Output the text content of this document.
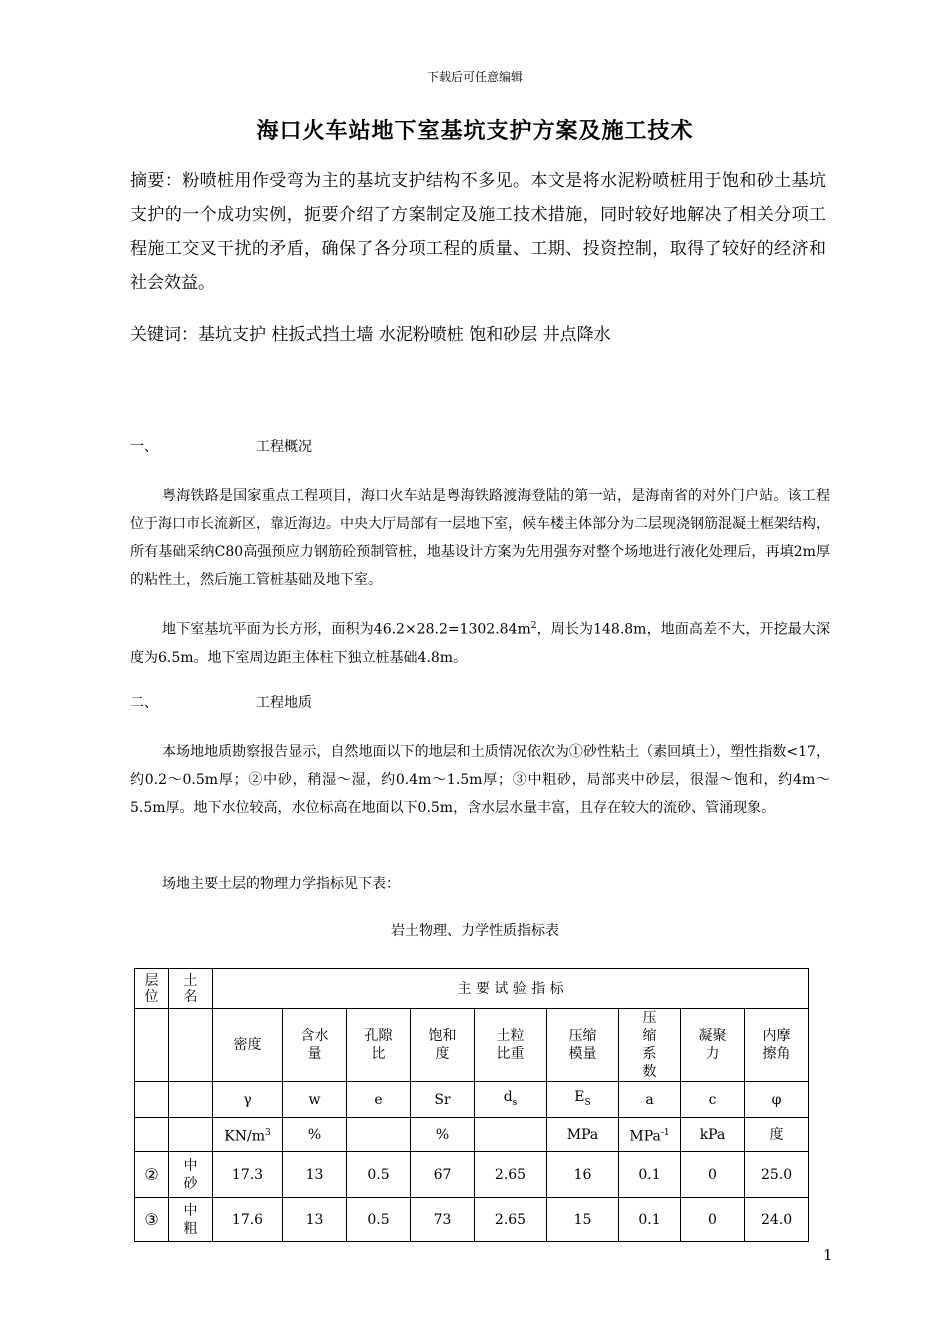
下载后可任意编辑
海口火车站地下室基坑支护方案及施工技术

摘要：粉喷桩用作受弯为主的基坑支护结构不多见。本文是将水泥粉喷桩用于饱和砂土基坑支护的一个成功实例，扼要介绍了方案制定及施工技术措施，同时较好地解决了相关分项工程施工交叉干扰的矛盾，确保了各分项工程的质量、工期、投资控制，取得了较好的经济和社会效益。

关键词：基坑支护 柱扳式挡土墙 水泥粉喷桩 饱和砂层 井点降水

一、	工程概况

粤海铁路是国家重点工程项目，海口火车站是粤海铁路渡海登陆的第一站，是海南省的对外门户站。该工程位于海口市长流新区，靠近海边。中央大厅局部有一层地下室，候车楼主体部分为二层现浇钢筋混凝土框架结构，所有基础采纳C80高强预应力钢筋砼预制管桩，地基设计方案为先用强夯对整个场地进行液化处理后，再填2m厚的粘性土，然后施工管桩基础及地下室。

地下室基坑平面为长方形，面积为$46.2\times 28.2=1302.84m^2$，周长为148.8m，地面高差不大，开挖最大深度为6.5m。地下室周边距主体柱下独立桩基础4.8m。

二、	工程地质

本场地地质勘察报告显示，自然地面以下的地层和土质情况依次为①砂性粘土（素回填土），塑性指数<17，约0.2～0.5m厚；②中砂，稍湿～湿，约0.4m～1.5m厚；③中粗砂，局部夹中砂层，很湿～饱和，约4m～5.5m厚。地下水位较高，水位标高在地面以下0.5m，含水层水量丰富，且存在较大的流砂、管涌现象。

场地主要土层的物理力学指标见下表：

岩土物理、力学性质指标表
层位	土名	主 要 试 验 指 标								
		密度	含水量	孔隙比	饱和度	土粒比重	压缩模量	压缩系数	凝聚力	内摩擦角
		γ	w	e	Sr	$d_s$	$E_S$	a	c	φ
		$KN/m^3$	%		%		MPa	MPa$^{-1}$	kPa	度
②	中砂	17.3	13	0.5	67	2.65	16	0.1	0	25.0
③	中粗	17.6	13	0.5	73	2.65	15	0.1	0	24.0
1
